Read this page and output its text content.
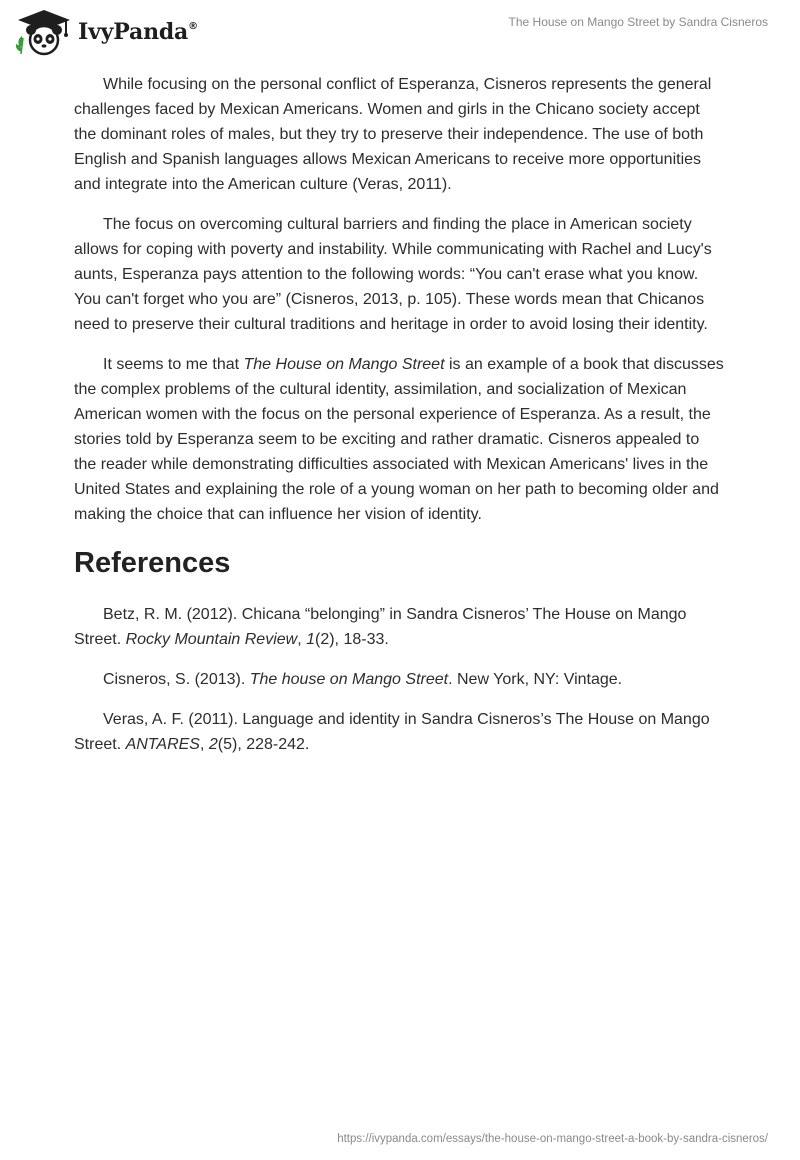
IvyPanda®	The House on Mango Street by Sandra Cisneros

While focusing on the personal conflict of Esperanza, Cisneros represents the general challenges faced by Mexican Americans. Women and girls in the Chicano society accept the dominant roles of males, but they try to preserve their independence. The use of both English and Spanish languages allows Mexican Americans to receive more opportunities and integrate into the American culture (Veras, 2011).

The focus on overcoming cultural barriers and finding the place in American society allows for coping with poverty and instability. While communicating with Rachel and Lucy's aunts, Esperanza pays attention to the following words: “You can't erase what you know. You can't forget who you are” (Cisneros, 2013, p. 105). These words mean that Chicanos need to preserve their cultural traditions and heritage in order to avoid losing their identity.

It seems to me that The House on Mango Street is an example of a book that discusses the complex problems of the cultural identity, assimilation, and socialization of Mexican American women with the focus on the personal experience of Esperanza. As a result, the stories told by Esperanza seem to be exciting and rather dramatic. Cisneros appealed to the reader while demonstrating difficulties associated with Mexican Americans' lives in the United States and explaining the role of a young woman on her path to becoming older and making the choice that can influence her vision of identity.

References

Betz, R. M. (2012). Chicana “belonging” in Sandra Cisneros’ The House on Mango Street. Rocky Mountain Review, 1(2), 18-33.

Cisneros, S. (2013). The house on Mango Street. New York, NY: Vintage.

Veras, A. F. (2011). Language and identity in Sandra Cisneros’s The House on Mango Street. ANTARES, 2(5), 228-242.

https://ivypanda.com/essays/the-house-on-mango-street-a-book-by-sandra-cisneros/
